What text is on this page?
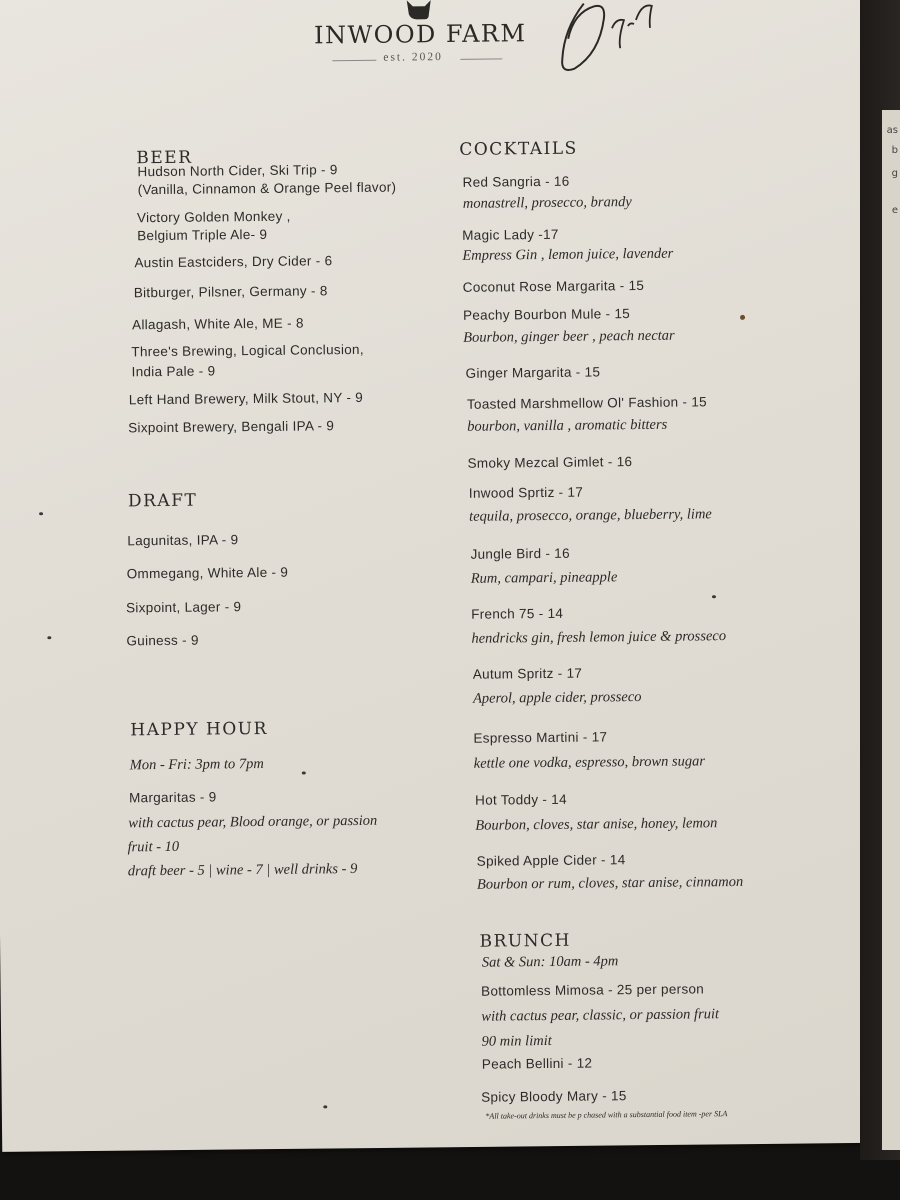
as
b
g
e
INWOOD FARM
est. 2020
BEER
Hudson North Cider, Ski Trip - 9
(Vanilla, Cinnamon & Orange Peel flavor)
Victory Golden Monkey ,
Belgium Triple Ale- 9
Austin Eastciders, Dry Cider - 6
Bitburger, Pilsner, Germany - 8
Allagash, White Ale, ME - 8
Three's Brewing, Logical Conclusion,
India Pale - 9
Left Hand Brewery, Milk Stout, NY - 9
Sixpoint Brewery, Bengali IPA - 9
DRAFT
Lagunitas, IPA - 9
Ommegang, White Ale - 9
Sixpoint, Lager - 9
Guiness - 9
HAPPY HOUR
Mon - Fri: 3pm to 7pm
Margaritas - 9
with cactus pear, Blood orange, or passion
fruit - 10
draft beer - 5 | wine - 7 | well drinks - 9
COCKTAILS
Red Sangria - 16
monastrell, prosecco, brandy
Magic Lady -17
Empress Gin , lemon juice, lavender
Coconut Rose Margarita - 15
Peachy Bourbon Mule - 15
Bourbon, ginger beer , peach nectar
Ginger Margarita - 15
Toasted Marshmellow Ol' Fashion - 15
bourbon, vanilla , aromatic bitters
Smoky Mezcal Gimlet - 16
Inwood Sprtiz - 17
tequila, prosecco, orange, blueberry, lime
Jungle Bird - 16
Rum, campari, pineapple
French 75 - 14
hendricks gin, fresh lemon juice & prosseco
Autum Spritz - 17
Aperol, apple cider, prosseco
Espresso Martini - 17
kettle one vodka, espresso, brown sugar
Hot Toddy - 14
Bourbon, cloves, star anise, honey, lemon
Spiked Apple Cider - 14
Bourbon or rum, cloves, star anise, cinnamon
BRUNCH
Sat & Sun: 10am - 4pm
Bottomless Mimosa - 25 per person
with cactus pear, classic, or passion fruit
90 min limit
Peach Bellini - 12
Spicy Bloody Mary - 15
*All take-out drinks must be p chased with a substantial food item -per SLA
